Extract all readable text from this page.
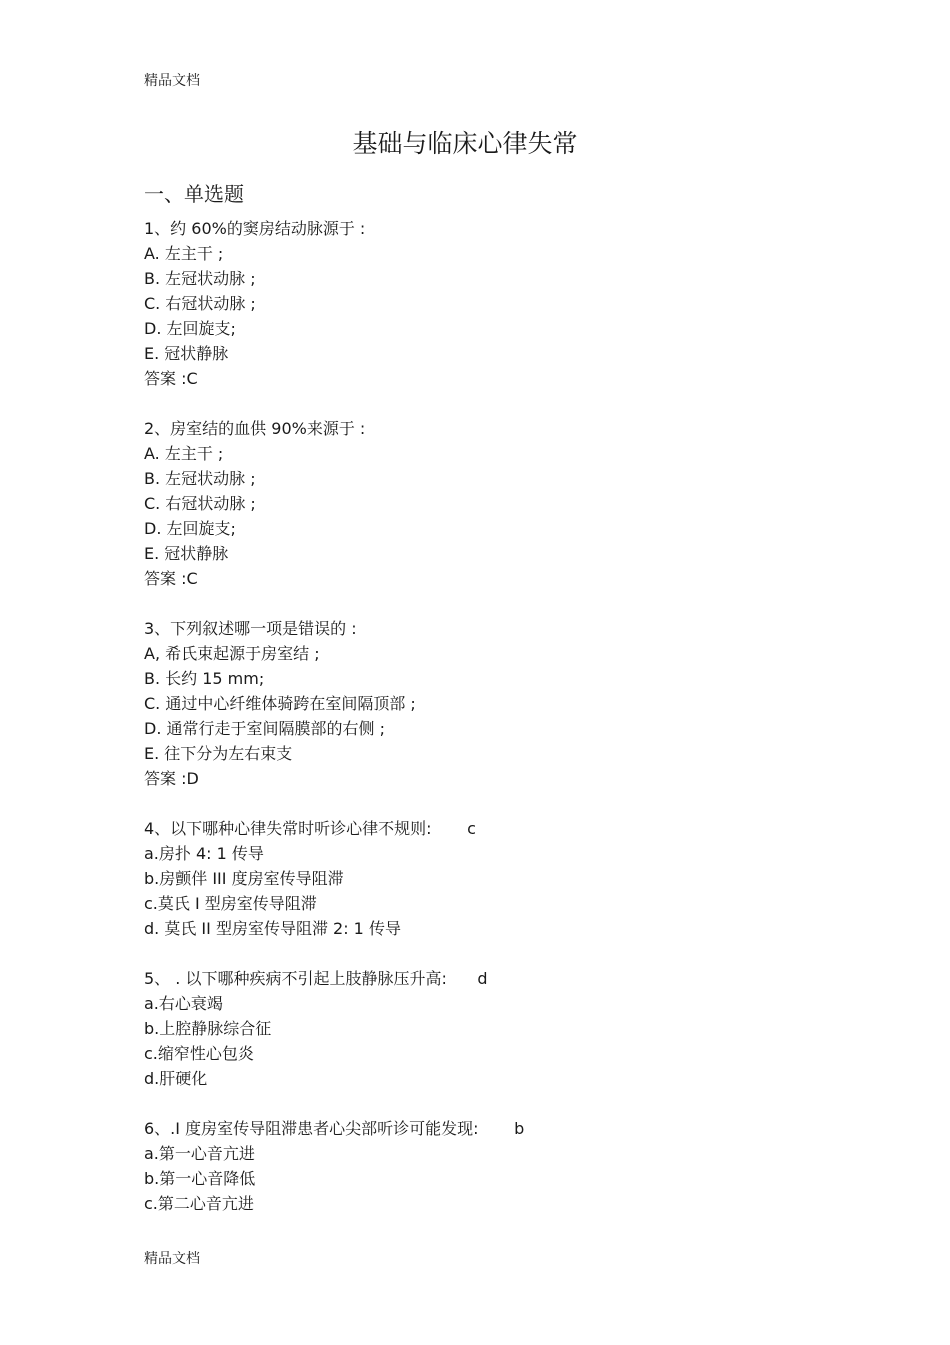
精品文档
基础与临床心律失常
一、单选题
1、约 60%的窦房结动脉源于 :
A. 左主干 ;
B. 左冠状动脉 ;
C. 右冠状动脉 ;
D. 左回旋支;
E. 冠状静脉
答案 :C
2、房室结的血供 90%来源于 :
A. 左主干 ;
B. 左冠状动脉 ;
C. 右冠状动脉 ;
D. 左回旋支;
E. 冠状静脉
答案 :C
3、下列叙述哪一项是错误的 :
A, 希氏束起源于房室结 ;
B. 长约 15 mm;
C. 通过中心纤维体骑跨在室间隔顶部 ;
D. 通常行走于室间隔膜部的右侧 ;
E. 往下分为左右束支
答案 :D
4、以下哪种心律失常时听诊心律不规则:       c
a.房扑 4: 1 传导
b.房颤伴 III 度房室传导阻滞
c.莫氏 I 型房室传导阻滞
d. 莫氏 II 型房室传导阻滞 2: 1 传导
5、 . 以下哪种疾病不引起上肢静脉压升高:      d
a.右心衰竭
b.上腔静脉综合征
c.缩窄性心包炎
d.肝硬化
6、.I 度房室传导阻滞患者心尖部听诊可能发现:       b
a.第一心音亢进
b.第一心音降低
c.第二心音亢进
精品文档
